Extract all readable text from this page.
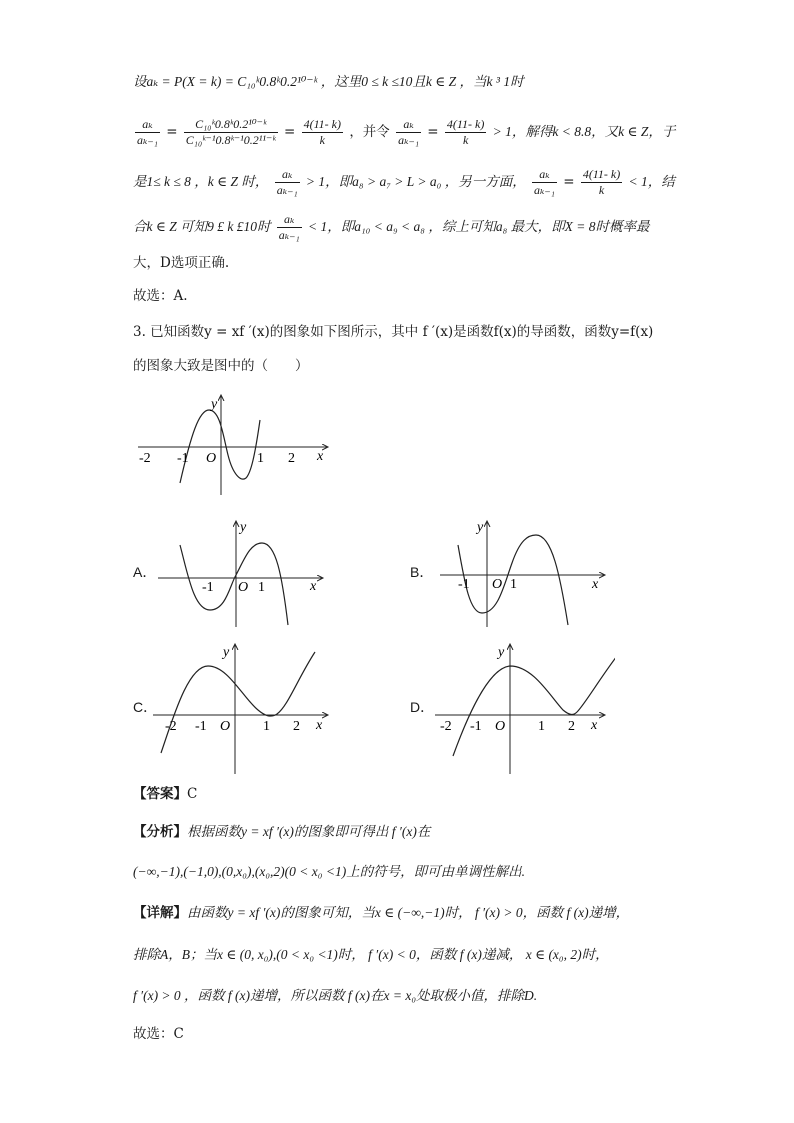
设aₖ = P(X = k) = C₁₀ᵏ0.8ᵏ0.2¹⁰⁻ᵏ ，这里0 ≤ k ≤10且k ∈ Z ，当k ³ 1时
$\frac{\text{aₖ}}{\text{aₖ₋₁}} = \frac{\text{C₁₀ᵏ0.8ᵏ0.2¹⁰⁻ᵏ}}{\text{C₁₀ᵏ⁻¹0.8ᵏ⁻¹0.2¹¹⁻ᵏ}} = \frac{4(11- k)}{k}$ ，并令 $\frac{\text{aₖ}}{\text{aₖ₋₁}} = \frac{4(11- k)}{k} > 1$，解得k < 8.8，又k ∈ Z，于
是1≤ k ≤ 8 ，k ∈ Z 时， $\frac{\text{aₖ}}{\text{aₖ₋₁}} > 1$，即a₈ > a₇ > L > a₀ ，另一方面， $\frac{\text{aₖ}}{\text{aₖ₋₁}} = \frac{4(11- k)}{k} < 1$，结
合k ∈ Z 可知9 £ k £10时 $\frac{\text{aₖ}}{\text{aₖ₋₁}} < 1$，即a₁₀ < a₉ < a₈ ，综上可知a₈ 最大，即X = 8时概率最
大，D选项正确.
故选：A.
3. 已知函数y = xf ′(x)的图象如下图所示，其中 f ′(x)是函数f(x)的导函数，函数y=f(x)
的图象大致是图中的（　　）
y
x
O
-2 -1	1 2
A．
y
x
O
-1	1
B．
y
x
O
-1	1
C．
y
x
O
-2 -1	1 2
D．
y
x
O
-2 -1	1 2
【答案】C
【分析】根据函数y = xf ′(x)的图象即可得出 f ′(x)在
(−∞,−1),(−1,0),(0,x₀),(x₀,2)(0 < x₀ <1)上的符号，即可由单调性解出.
【详解】由函数y = xf ′(x)的图象可知，当x ∈ (−∞,−1)时， f ′(x) > 0，函数 f (x)递增，
排除A，B；当x ∈ (0, x₀),(0 < x₀ <1)时， f ′(x) < 0，函数 f (x)递减， x ∈ (x₀, 2)时，
f ′(x) > 0 ，函数 f (x)递增，所以函数 f (x)在x = x₀处取极小值，排除D.
故选：C
